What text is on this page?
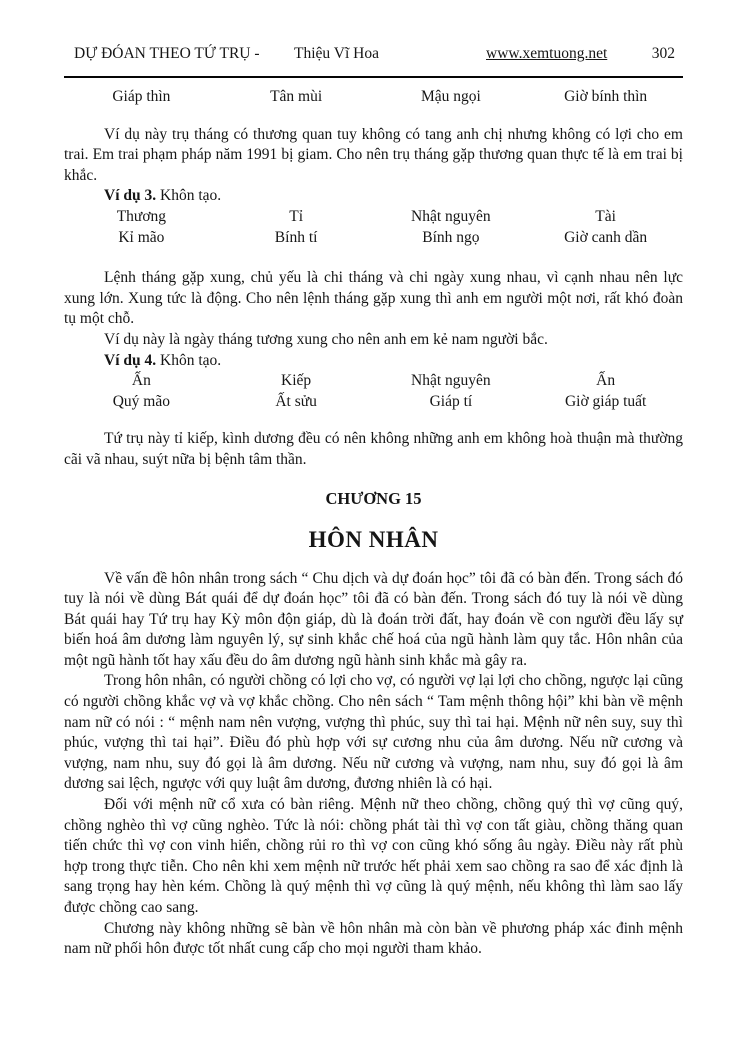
DỰ ĐÓAN THEO TỨ TRỤ - Thiệu Vĩ Hoa	www.xemtuong.net	302
Giáp thìn	Tân mùi	Mậu ngọi	Giờ bính thìn

Ví dụ này trụ tháng có thương quan tuy không có tang anh chị nhưng không có lợi cho em trai. Em trai phạm pháp năm 1991 bị giam. Cho nên trụ tháng gặp thương quan thực tế là em trai bị khắc.

Ví dụ 3. Khôn tạo.

Thương	Tỉ	Nhật nguyên	Tài
Kỉ mão	Bính tí	Bính ngọ	Giờ canh dần

Lệnh tháng gặp xung, chủ yếu là chi tháng và chi ngày xung nhau, vì cạnh nhau nên lực xung lớn. Xung tức là động. Cho nên lệnh tháng gặp xung thì anh em người một nơi, rất khó đoàn tụ một chỗ.

Ví dụ này là ngày tháng tương xung cho nên anh em kẻ nam người bắc.

Ví dụ 4. Khôn tạo.

Ấn	Kiếp	Nhật nguyên	Ấn
Quý mão	Ất sửu	Giáp tí	Giờ giáp tuất

Tứ trụ này tỉ kiếp, kình dương đều có nên không những anh em không hoà thuận mà thường cãi vã nhau, suýt nữa bị bệnh tâm thần.

CHƯƠNG 15
HÔN NHÂN

Về vấn đề hôn nhân trong sách “ Chu dịch và dự đoán học” tôi đã có bàn đến. Trong sách đó tuy là nói về dùng Bát quái để dự đoán học” tôi đã có bàn đến. Trong sách đó tuy là nói về dùng Bát quái hay Tứ trụ hay Kỳ môn độn giáp, dù là đoán trời đất, hay đoán về con người đều lấy sự biến hoá âm dương làm nguyên lý, sự sinh khắc chế hoá của ngũ hành làm quy tắc. Hôn nhân của một ngũ hành tốt hay xấu đều do âm dương ngũ hành sinh khắc mà gây ra.

Trong hôn nhân, có người chồng có lợi cho vợ, có người vợ lại lợi cho chồng, ngược lại cũng có người chồng khắc vợ và vợ khắc chồng. Cho nên sách “ Tam mệnh thông hội” khi bàn về mệnh nam nữ có nói : “ mệnh nam nên vượng, vượng thì phúc, suy thì tai hại. Mệnh nữ nên suy, suy thì phúc, vượng thì tai hại”. Điều đó phù hợp với sự cương nhu của âm dương. Nếu nữ cương và vượng, nam nhu, suy đó gọi là âm dương. Nếu nữ cương và vượng, nam nhu, suy đó gọi là âm dương sai lệch, ngược với quy luật âm dương, đương nhiên là có hại.

Đối với mệnh nữ cổ xưa có bàn riêng. Mệnh nữ theo chồng, chồng quý thì vợ cũng quý, chồng nghèo thì vợ cũng nghèo. Tức là nói: chồng phát tài thì vợ con tất giàu, chồng thăng quan tiến chức thì vợ con vinh hiển, chồng rủi ro thì vợ con cũng khó sống âu ngày. Điều này rất phù hợp trong thực tiễn. Cho nên khi xem mệnh nữ trước hết phải xem sao chồng ra sao để xác định là sang trọng hay hèn kém. Chồng là quý mệnh thì vợ cũng là quý mệnh, nếu không thì làm sao lấy được chồng cao sang.

Chương này không những sẽ bàn về hôn nhân mà còn bàn về phương pháp xác đinh mệnh nam nữ phối hôn được tốt nhất cung cấp cho mọi người tham khảo.
